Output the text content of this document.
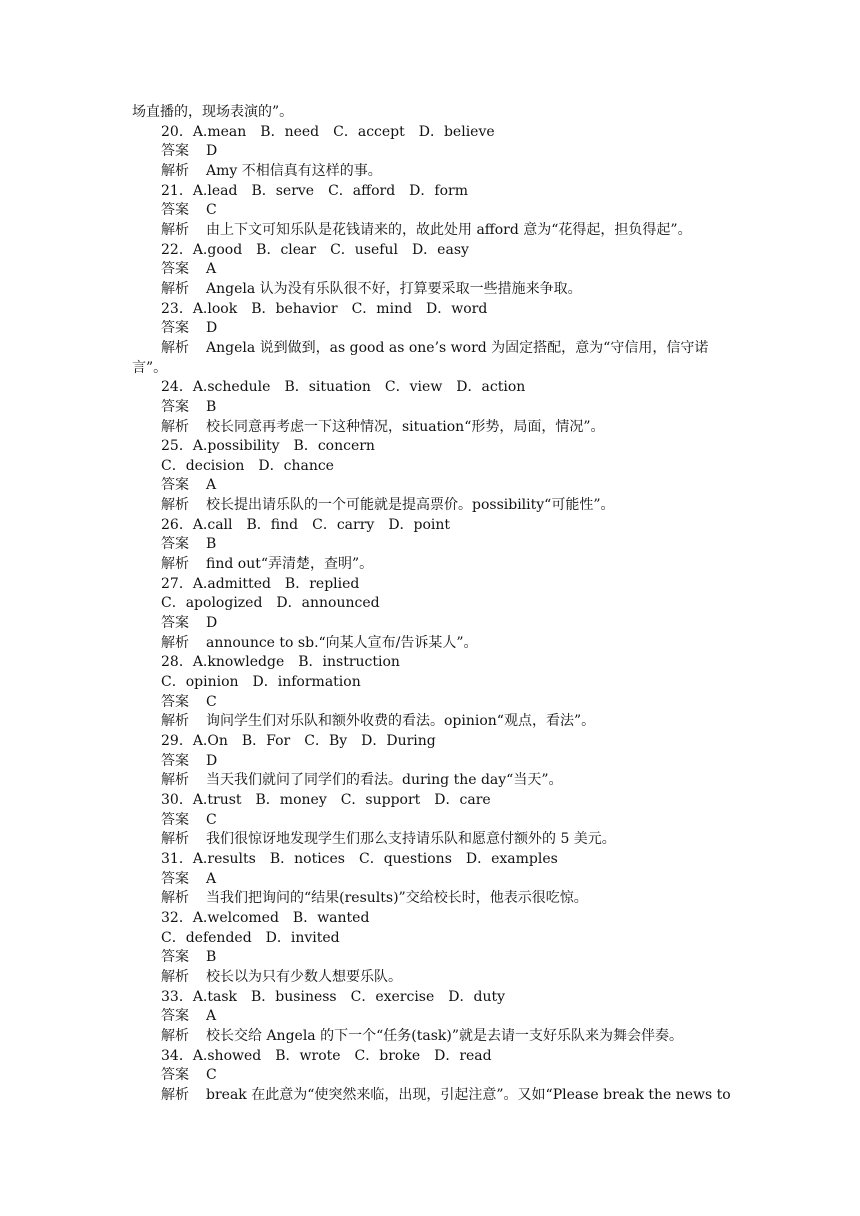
场直播的，现场表演的”。
20．A.mean　B．need　C．accept　D．believe
答案 D
解析 Amy 不相信真有这样的事。
21．A.lead　B．serve　C．afford　D．form
答案 C
解析 由上下文可知乐队是花钱请来的，故此处用 afford 意为“花得起，担负得起”。
22．A.good　B．clear　C．useful　D．easy
答案 A
解析 Angela 认为没有乐队很不好，打算要采取一些措施来争取。
23．A.look　B．behavior　C．mind　D．word
答案 D
解析 Angela 说到做到，as good as one’s word 为固定搭配，意为“守信用，信守诺
言”。
24．A.schedule　B．situation　C．view　D．action
答案 B
解析 校长同意再考虑一下这种情况，situation“形势，局面，情况”。
25．A.possibility　B．concern
C．decision　D．chance
答案 A
解析 校长提出请乐队的一个可能就是提高票价。possibility“可能性”。
26．A.call　B．find　C．carry　D．point
答案 B
解析 find out“弄清楚，查明”。
27．A.admitted　B．replied
C．apologized　D．announced
答案 D
解析 announce to sb.“向某人宣布/告诉某人”。
28．A.knowledge　B．instruction
C．opinion　D．information
答案 C
解析 询问学生们对乐队和额外收费的看法。opinion“观点，看法”。
29．A.On　B．For　C．By　D．During
答案 D
解析 当天我们就问了同学们的看法。during the day“当天”。
30．A.trust　B．money　C．support　D．care
答案 C
解析 我们很惊讶地发现学生们那么支持请乐队和愿意付额外的 5 美元。
31．A.results　B．notices　C．questions　D．examples
答案 A
解析 当我们把询问的“结果(results)”交给校长时，他表示很吃惊。
32．A.welcomed　B．wanted
C．defended　D．invited
答案 B
解析 校长以为只有少数人想要乐队。
33．A.task　B．business　C．exercise　D．duty
答案 A
解析 校长交给 Angela 的下一个“任务(task)”就是去请一支好乐队来为舞会伴奏。
34．A.showed　B．wrote　C．broke　D．read
答案 C
解析 break 在此意为“使突然来临，出现，引起注意”。又如“Please break the news to
